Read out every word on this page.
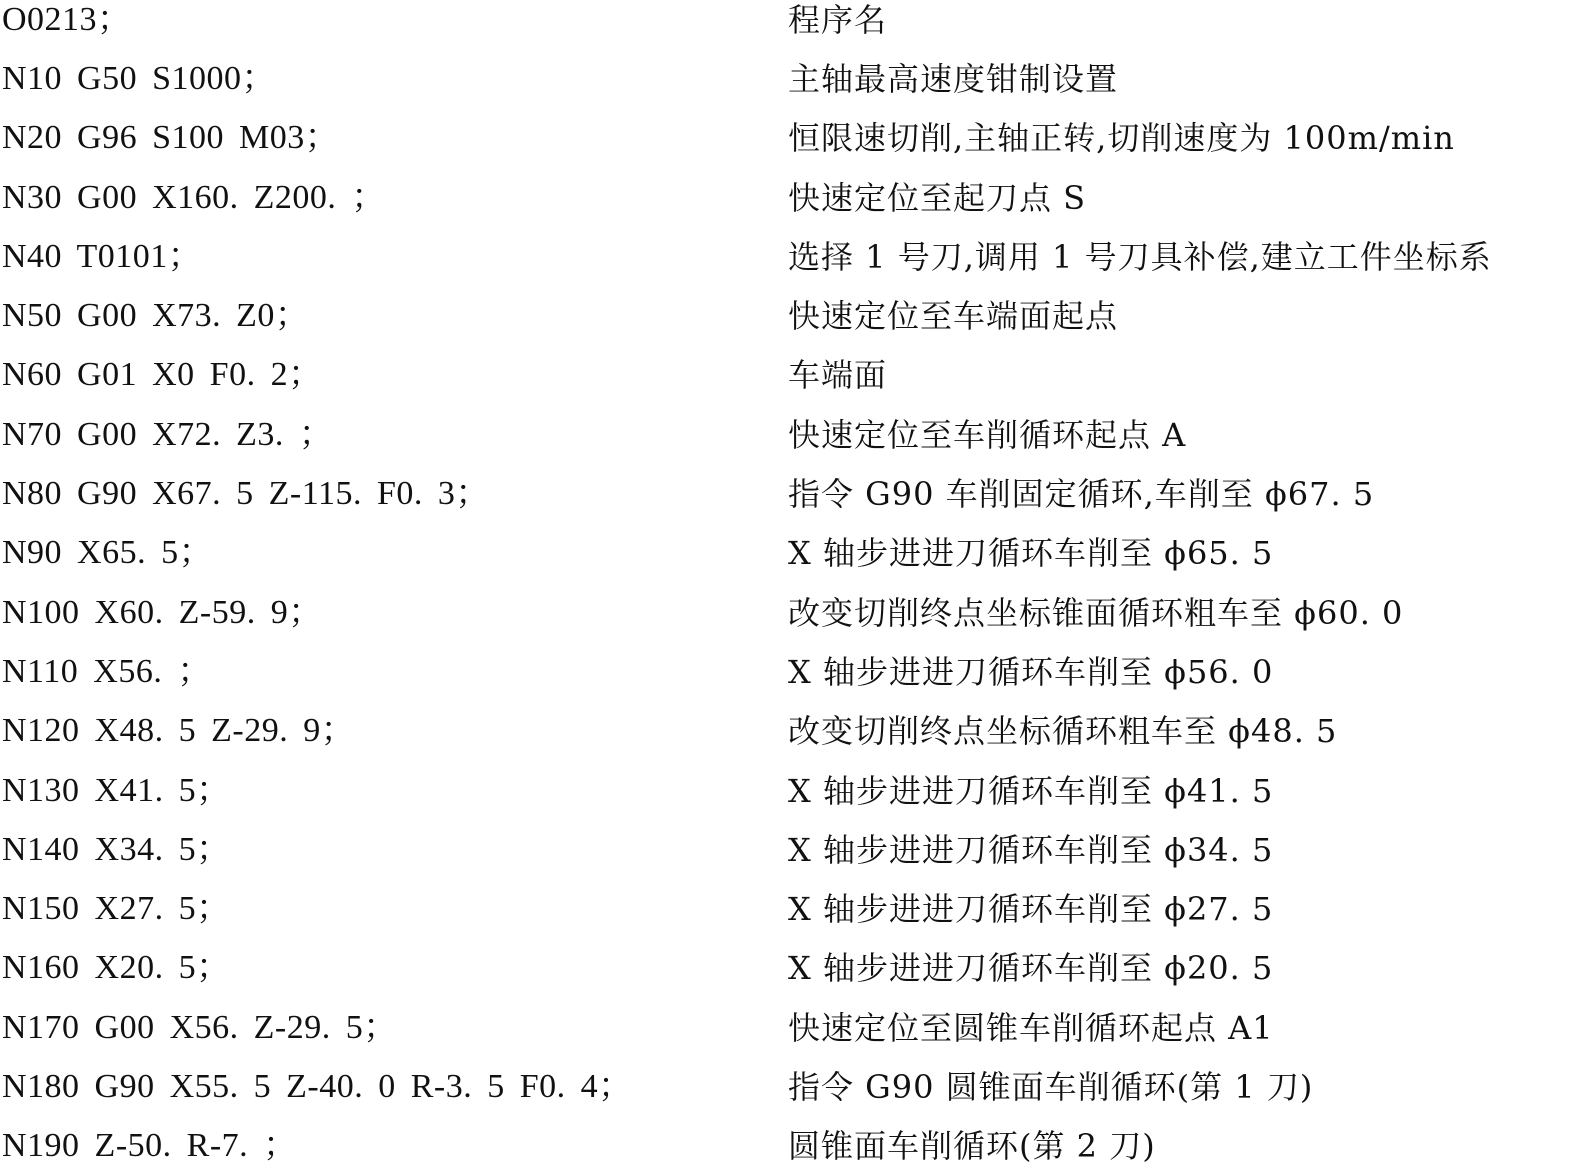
O0213；	程序名
N10 G50 S1000；	主轴最高速度钳制设置
N20 G96 S100 M03；	恒限速切削,主轴正转,切削速度为 100m/min
N30 G00 X160. Z200. ；	快速定位至起刀点 S
N40 T0101；	选择 1 号刀,调用 1 号刀具补偿,建立工件坐标系
N50 G00 X73. Z0；	快速定位至车端面起点
N60 G01 X0 F0. 2；	车端面
N70 G00 X72. Z3. ；	快速定位至车削循环起点 A
N80 G90 X67. 5 Z-115. F0. 3；	指令 G90 车削固定循环,车削至 ϕ67. 5
N90 X65. 5；	X 轴步进进刀循环车削至 ϕ65. 5
N100 X60. Z-59. 9；	改变切削终点坐标锥面循环粗车至 ϕ60. 0
N110 X56. ；	X 轴步进进刀循环车削至 ϕ56. 0
N120 X48. 5 Z-29. 9；	改变切削终点坐标循环粗车至 ϕ48. 5
N130 X41. 5；	X 轴步进进刀循环车削至 ϕ41. 5
N140 X34. 5；	X 轴步进进刀循环车削至 ϕ34. 5
N150 X27. 5；	X 轴步进进刀循环车削至 ϕ27. 5
N160 X20. 5；	X 轴步进进刀循环车削至 ϕ20. 5
N170 G00 X56. Z-29. 5；	快速定位至圆锥车削循环起点 A1
N180 G90 X55. 5 Z-40. 0 R-3. 5 F0. 4；	指令 G90 圆锥面车削循环(第 1 刀)
N190 Z-50. R-7. ；	圆锥面车削循环(第 2 刀)
